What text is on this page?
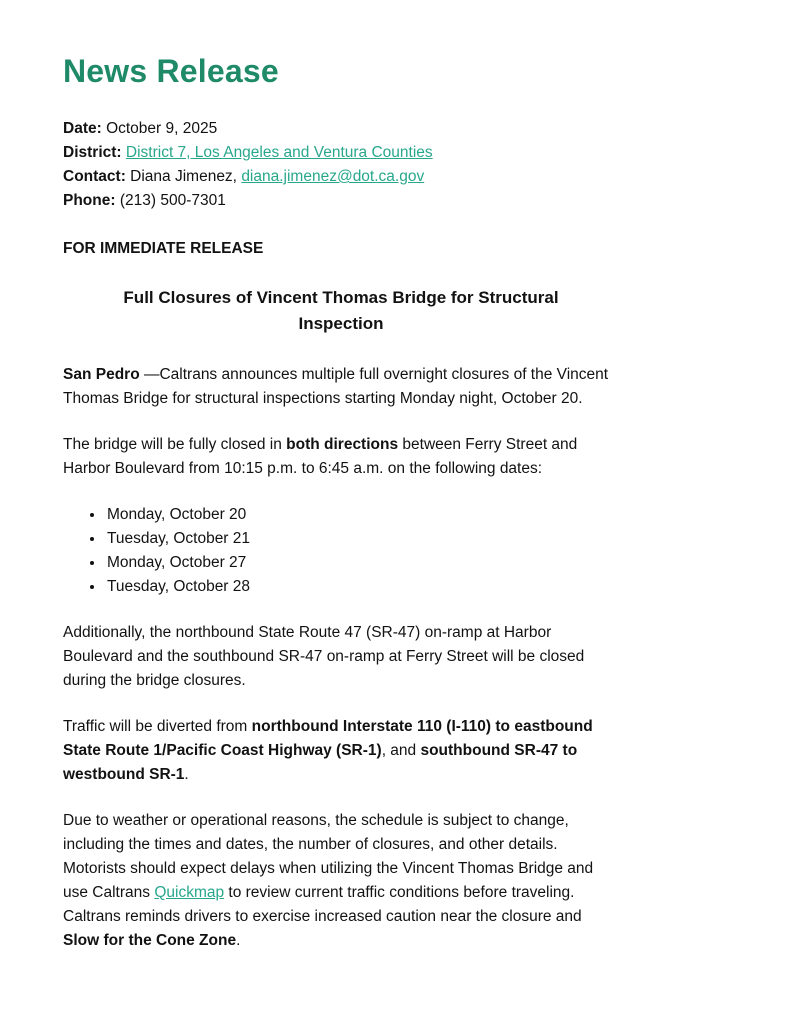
News Release
Date: October 9, 2025
District: District 7, Los Angeles and Ventura Counties
Contact: Diana Jimenez, diana.jimenez@dot.ca.gov
Phone: (213) 500-7301
FOR IMMEDIATE RELEASE
Full Closures of Vincent Thomas Bridge for Structural Inspection

San Pedro —Caltrans announces multiple full overnight closures of the Vincent Thomas Bridge for structural inspections starting Monday night, October 20.

The bridge will be fully closed in both directions between Ferry Street and Harbor Boulevard from 10:15 p.m. to 6:45 a.m. on the following dates:

• Monday, October 20
• Tuesday, October 21
• Monday, October 27
• Tuesday, October 28

Additionally, the northbound State Route 47 (SR-47) on-ramp at Harbor Boulevard and the southbound SR-47 on-ramp at Ferry Street will be closed during the bridge closures.

Traffic will be diverted from northbound Interstate 110 (I-110) to eastbound State Route 1/Pacific Coast Highway (SR-1), and southbound SR-47 to westbound SR-1.

Due to weather or operational reasons, the schedule is subject to change, including the times and dates, the number of closures, and other details. Motorists should expect delays when utilizing the Vincent Thomas Bridge and use Caltrans Quickmap to review current traffic conditions before traveling. Caltrans reminds drivers to exercise increased caution near the closure and Slow for the Cone Zone.
